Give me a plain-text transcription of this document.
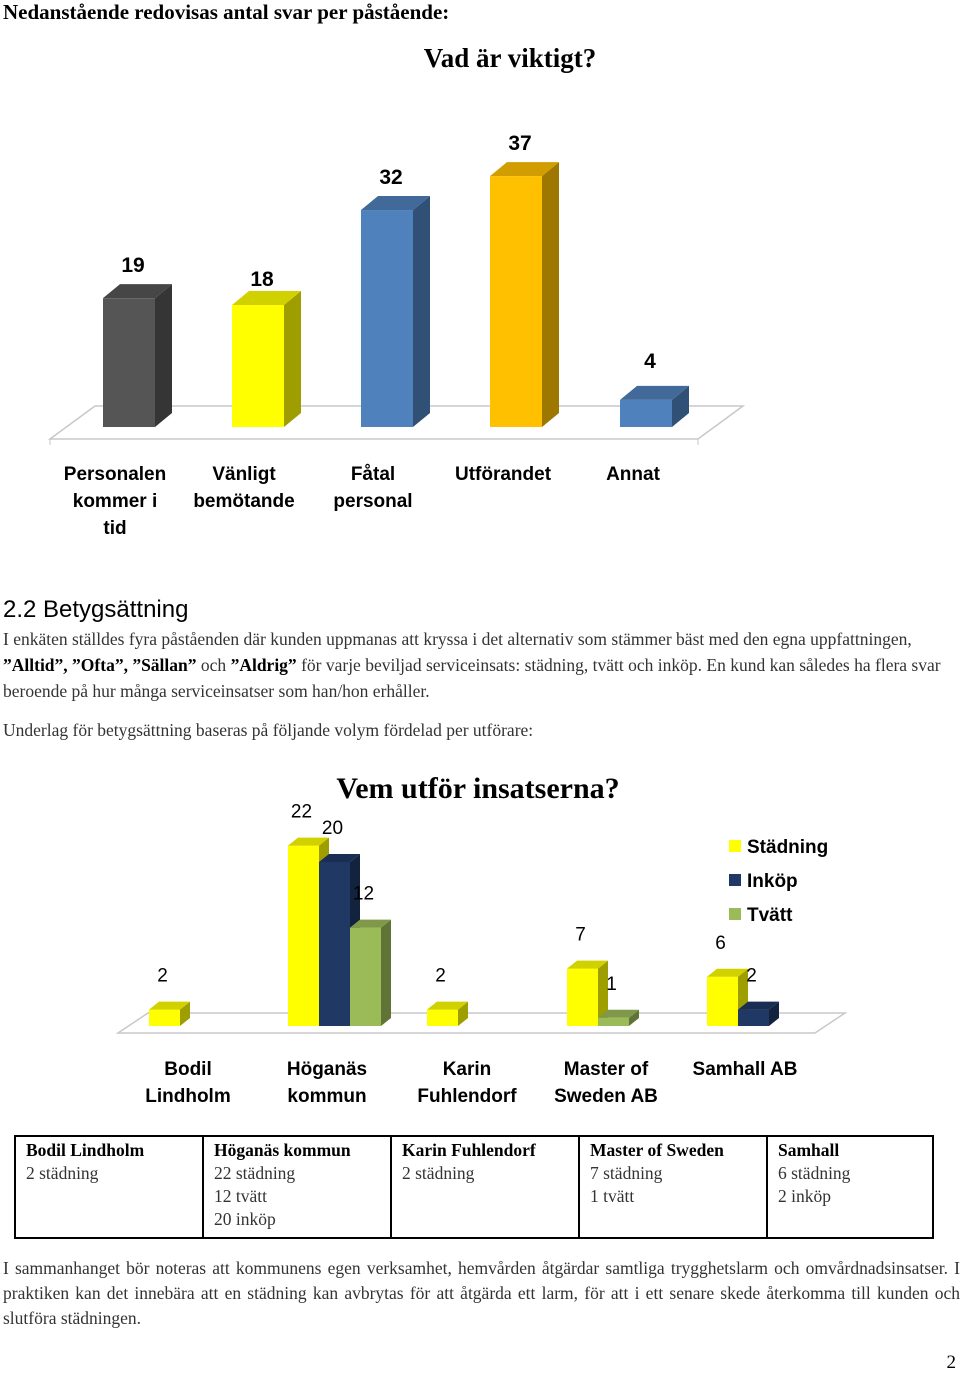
Nedanstående redovisas antal svar per påstående:
Vad är viktigt?
19
18
32
37
4
Personalen kommer i tid
Vänligt bemötande
Fåtal personal
Utförandet	Annat
2.2 Betygsättning
I enkäten ställdes fyra påståenden där kunden uppmanas att kryssa i det alternativ som stämmer bäst med den egna uppfattningen, ”Alltid”, ”Ofta”, ”Sällan” och ”Aldrig” för varje beviljad serviceinsats: städning, tvätt och inköp. En kund kan således ha flera svar beroende på hur många serviceinsatser som han/hon erhåller.
Underlag för betygsättning baseras på följande volym fördelad per utförare:
Vem utför insatserna?
2
22
20
12
2
7
1
6
2
Bodil Lindholm
Höganäs kommun
Karin Fuhlendorf
Master of Sweden AB
Samhall AB
Städning
Inköp
Tvätt
Bodil Lindholm
2 städning

Höganäs kommun
22 städning
12 tvätt
20 inköp

Karin Fuhlendorf
2 städning

Master of Sweden
7 städning
1 tvätt

Samhall
6 städning
2 inköp
I sammanhanget bör noteras att kommunens egen verksamhet, hemvården åtgärdar samtliga trygghetslarm och omvårdnadsinsatser. I praktiken kan det innebära att en städning kan avbrytas för att åtgärda ett larm, för att i ett senare skede återkomma till kunden och slutföra städningen.
2
